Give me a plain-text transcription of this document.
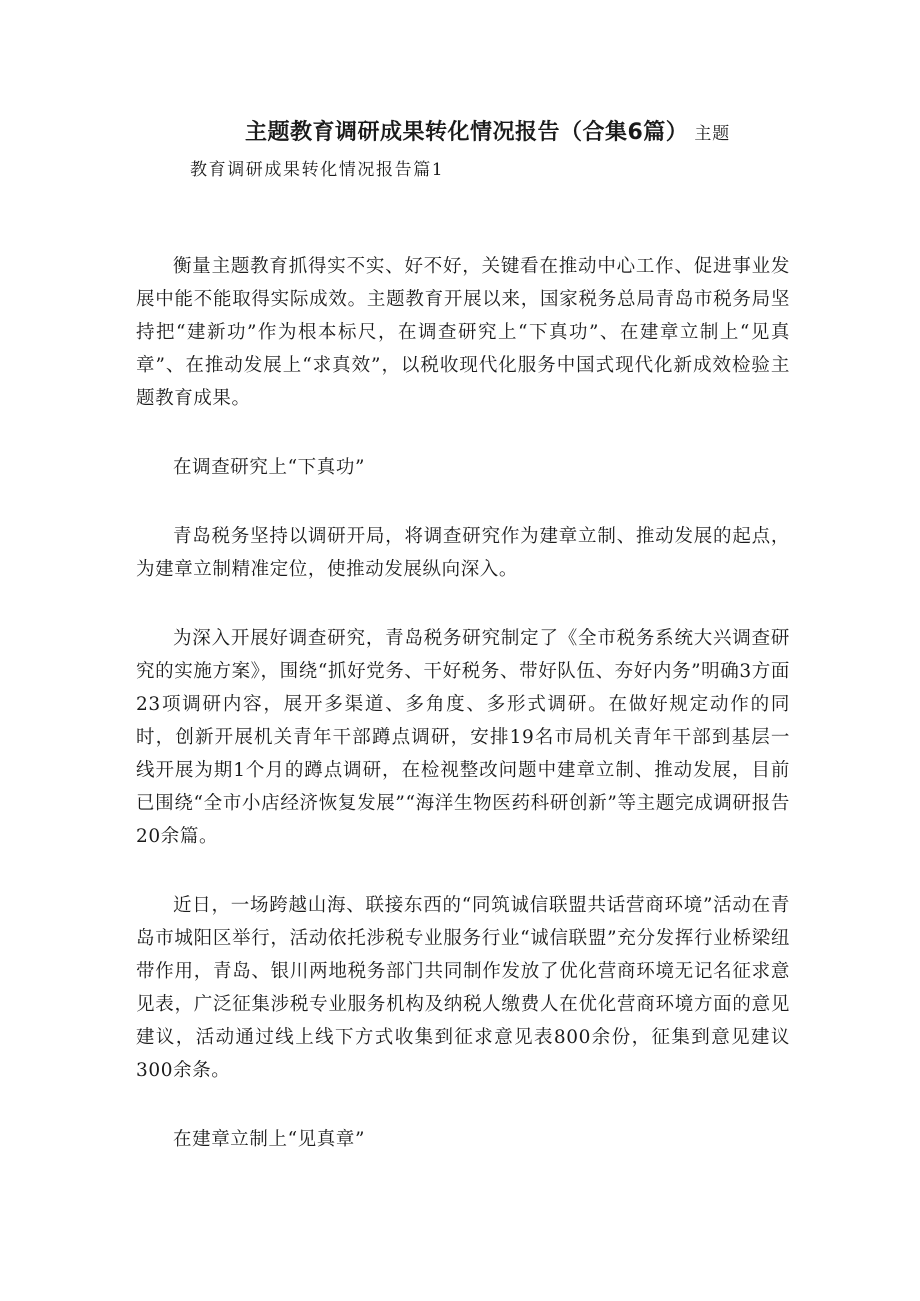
主题教育调研成果转化情况报告（合集6篇） 主题
教育调研成果转化情况报告篇1

衡量主题教育抓得实不实、好不好，关键看在推动中心工作、促进事业发展中能不能取得实际成效。主题教育开展以来，国家税务总局青岛市税务局坚持把“建新功”作为根本标尺，在调查研究上“下真功”、在建章立制上“见真章”、在推动发展上“求真效”，以税收现代化服务中国式现代化新成效检验主题教育成果。

在调查研究上“下真功”

青岛税务坚持以调研开局，将调查研究作为建章立制、推动发展的起点，为建章立制精准定位，使推动发展纵向深入。

为深入开展好调查研究，青岛税务研究制定了《全市税务系统大兴调查研究的实施方案》，围绕“抓好党务、干好税务、带好队伍、夯好内务”明确3方面23项调研内容，展开多渠道、多角度、多形式调研。在做好规定动作的同时，创新开展机关青年干部蹲点调研，安排19名市局机关青年干部到基层一线开展为期1个月的蹲点调研，在检视整改问题中建章立制、推动发展，目前已围绕“全市小店经济恢复发展”“海洋生物医药科研创新”等主题完成调研报告20余篇。

近日，一场跨越山海、联接东西的“同筑诚信联盟共话营商环境”活动在青岛市城阳区举行，活动依托涉税专业服务行业“诚信联盟”充分发挥行业桥梁纽带作用，青岛、银川两地税务部门共同制作发放了优化营商环境无记名征求意见表，广泛征集涉税专业服务机构及纳税人缴费人在优化营商环境方面的意见建议，活动通过线上线下方式收集到征求意见表800余份，征集到意见建议300余条。

在建章立制上“见真章”
